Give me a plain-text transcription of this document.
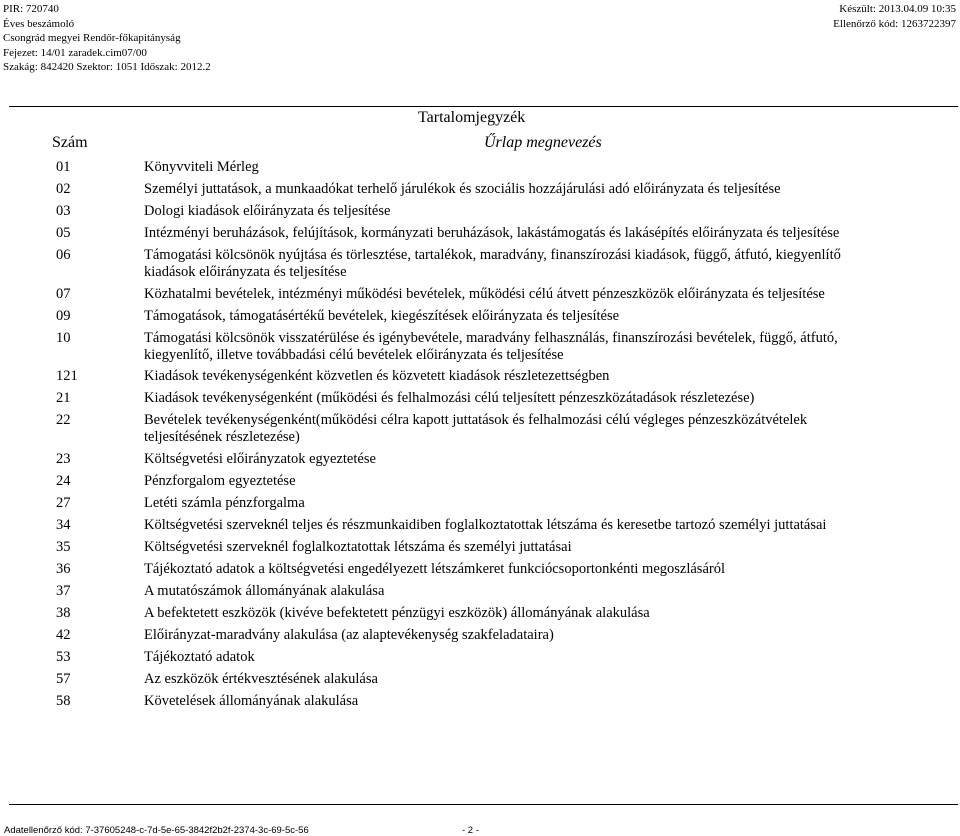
PIR: 720740
Éves beszámoló
Csongrád megyei Rendőr-főkapitányság
Fejezet: 14/01 zaradek.cim07/00
Szakág: 842420 Szektor: 1051 Időszak: 2012.2
Készült: 2013.04.09 10:35
Ellenőrző kód: 1263722397
Tartalomjegyzék
Szám	Űrlap megnevezés
01	Könyvviteli Mérleg
02	Személyi juttatások, a munkaadókat terhelő járulékok és szociális hozzájárulási adó előirányzata és teljesítése
03	Dologi kiadások előirányzata és teljesítése
05	Intézményi beruházások, felújítások, kormányzati beruházások, lakástámogatás és lakásépítés előirányzata és teljesítése
06	Támogatási kölcsönök nyújtása és törlesztése, tartalékok, maradvány, finanszírozási kiadások, függő, átfutó, kiegyenlítő kiadások előirányzata és teljesítése
07	Közhatalmi bevételek, intézményi működési bevételek, működési célú átvett pénzeszközök előirányzata és teljesítése
09	Támogatások, támogatásértékű bevételek, kiegészítések előirányzata és teljesítése
10	Támogatási kölcsönök visszatérülése és igénybevétele, maradvány felhasználás, finanszírozási bevételek, függő, átfutó, kiegyenlítő, illetve továbbadási célú bevételek előirányzata és teljesítése
121	Kiadások tevékenységenként közvetlen és közvetett kiadások részletezettségben
21	Kiadások tevékenységenként (működési és felhalmozási célú teljesített pénzeszközátadások részletezése)
22	Bevételek tevékenységenként(működési célra kapott juttatások és felhalmozási célú végleges pénzeszközátvételek teljesítésének részletezése)
23	Költségvetési előirányzatok egyeztetése
24	Pénzforgalom egyeztetése
27	Letéti számla pénzforgalma
34	Költségvetési szerveknél teljes és részmunkaidiben foglalkoztatottak létszáma és keresetbe tartozó személyi juttatásai
35	Költségvetési szerveknél foglalkoztatottak létszáma és személyi juttatásai
36	Tájékoztató adatok a költségvetési engedélyezett létszámkeret funkciócsoportonkénti megoszlásáról
37	A mutatószámok állományának alakulása
38	A befektetett eszközök (kivéve befektetett pénzügyi eszközök) állományának alakulása
42	Előirányzat-maradvány alakulása (az alaptevékenység szakfeladataira)
53	Tájékoztató adatok
57	Az eszközök értékvesztésének alakulása
58	Követelések állományának alakulása
Adatellenőrző kód: 7-37605248-c-7d-5e-65-3842f2b2f-2374-3c-69-5c-56	- 2 -
